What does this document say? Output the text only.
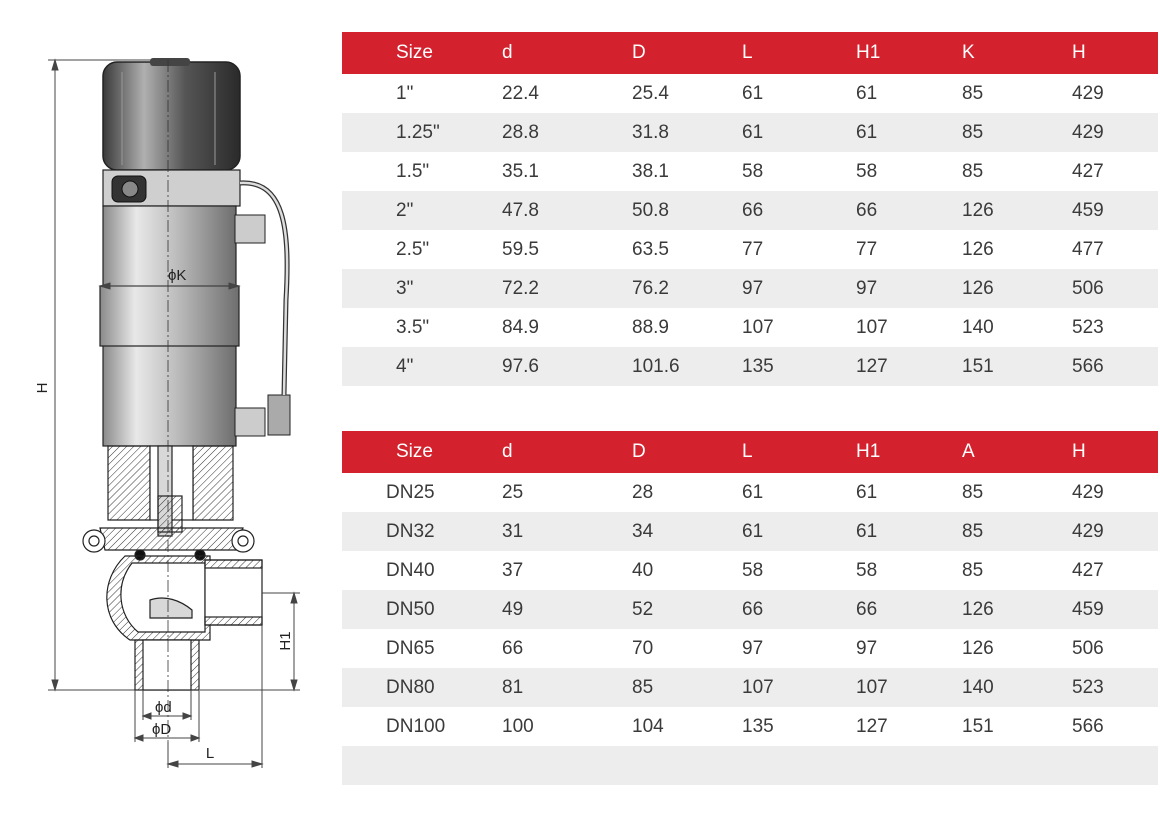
H
ϕK
H1
ϕd
ϕD
L
Size	d	D	L	H1	K	H
1"	22.4	25.4	61	61	85	429
1.25"	28.8	31.8	61	61	85	429
1.5"	35.1	38.1	58	58	85	427
2"	47.8	50.8	66	66	126	459
2.5"	59.5	63.5	77	77	126	477
3"	72.2	76.2	97	97	126	506
3.5"	84.9	88.9	107	107	140	523
4"	97.6	101.6	135	127	151	566
Size	d	D	L	H1	A	H
DN25	25	28	61	61	85	429
DN32	31	34	61	61	85	429
DN40	37	40	58	58	85	427
DN50	49	52	66	66	126	459
DN65	66	70	97	97	126	506
DN80	81	85	107	107	140	523
DN100	100	104	135	127	151	566
